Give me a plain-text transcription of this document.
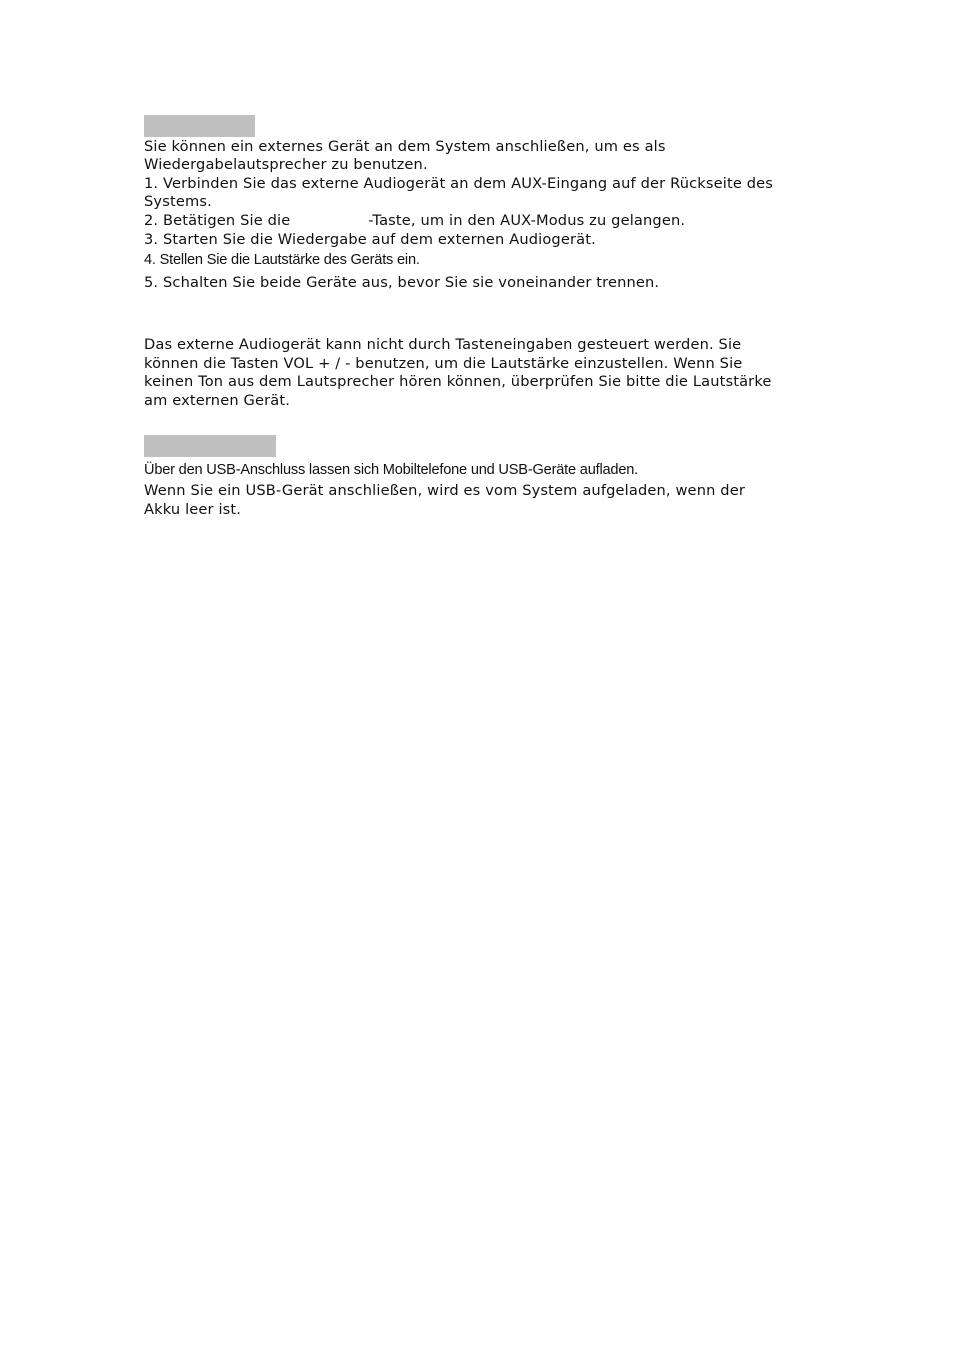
Sie können ein externes Gerät an dem System anschließen, um es als
Wiedergabelautsprecher zu benutzen.
1. Verbinden Sie das externe Audiogerät an dem AUX-Eingang auf der Rückseite des
Systems.
2. Betätigen Sie die	-Taste, um in den AUX-Modus zu gelangen.
3. Starten Sie die Wiedergabe auf dem externen Audiogerät.
4. Stellen Sie die Lautstärke des Geräts ein.
5. Schalten Sie beide Geräte aus, bevor Sie sie voneinander trennen.
Das externe Audiogerät kann nicht durch Tasteneingaben gesteuert werden. Sie
können die Tasten VOL + / - benutzen, um die Lautstärke einzustellen. Wenn Sie
keinen Ton aus dem Lautsprecher hören können, überprüfen Sie bitte die Lautstärke
am externen Gerät.
Über den USB-Anschluss lassen sich Mobiltelefone und USB-Geräte aufladen.
Wenn Sie ein USB-Gerät anschließen, wird es vom System aufgeladen, wenn der
Akku leer ist.
